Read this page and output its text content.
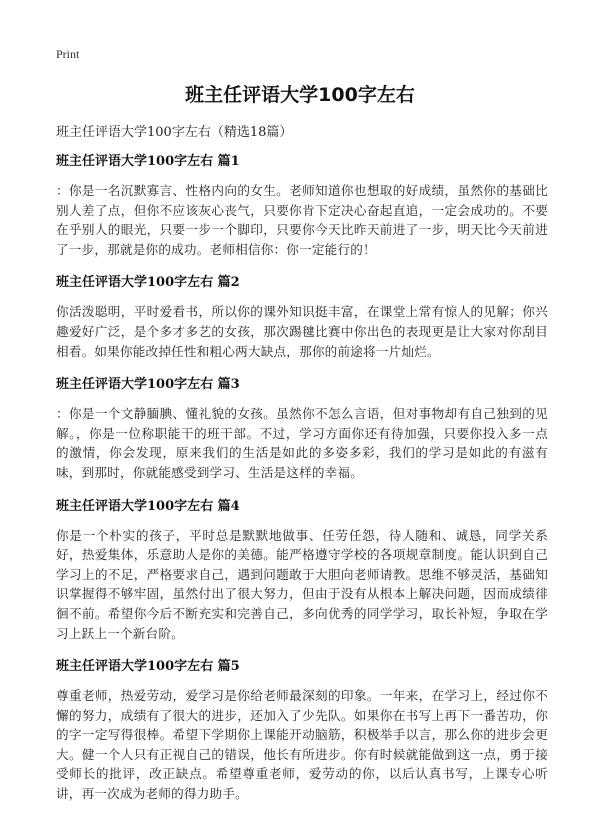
Print
班主任评语大学100字左右
班主任评语大学100字左右（精选18篇）
班主任评语大学100字左右 篇1

：你是一名沉默寡言、性格内向的女生。老师知道你也想取的好成绩，虽然你的基础比别人差了点，但你不应该灰心丧气，只要你肯下定决心奋起直追，一定会成功的。不要在乎别人的眼光，只要一步一个脚印，只要你今天比昨天前进了一步，明天比今天前进了一步，那就是你的成功。老师相信你：你一定能行的！

班主任评语大学100字左右 篇2

你活泼聪明，平时爱看书，所以你的课外知识挺丰富，在课堂上常有惊人的见解；你兴趣爱好广泛，是个多才多艺的女孩，那次踢毽比赛中你出色的表现更是让大家对你刮目相看。如果你能改掉任性和粗心两大缺点，那你的前途将一片灿烂。

班主任评语大学100字左右 篇3

：你是一个文静腼腆、懂礼貌的女孩。虽然你不怎么言语，但对事物却有自己独到的见解。，你是一位称职能干的班干部。不过，学习方面你还有待加强，只要你投入多一点的激情，你会发现，原来我们的生活是如此的多姿多彩，我们的学习是如此的有滋有味，到那时，你就能感受到学习、生活是这样的幸福。

班主任评语大学100字左右 篇4

你是一个朴实的孩子，平时总是默默地做事、任劳任怨，待人随和、诚恳，同学关系好，热爱集体，乐意助人是你的美德。能严格遵守学校的各项规章制度。能认识到自己学习上的不足，严格要求自己，遇到问题敢于大胆向老师请教。思维不够灵活，基础知识掌握得不够牢固，虽然付出了很大努力，但由于没有从根本上解决问题，因而成绩徘徊不前。希望你今后不断充实和完善自己，多向优秀的同学学习，取长补短，争取在学习上跃上一个新台阶。

班主任评语大学100字左右 篇5

尊重老师，热爱劳动，爱学习是你给老师最深刻的印象。一年来，在学习上，经过你不懈的努力，成绩有了很大的进步，还加入了少先队。如果你在书写上再下一番苦功，你的字一定写得很棒。希望下学期你上课能开动脑筋，积极举手以言，那么你的进步会更大。健一个人只有正视自己的错误，他长有所进步。你有时候就能做到这一点，勇于接受师长的批评，改正缺点。希望尊重老师，爱劳动的你，以后认真书写，上课专心听讲，再一次成为老师的得力助手。
